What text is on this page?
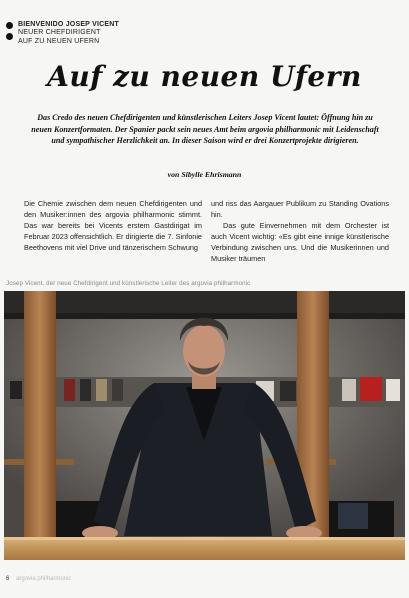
BIENVENIDO JOSEP VICENT
NEUER CHEFDIRIGENT
AUF ZU NEUEN UFERN
Auf zu neuen Ufern
Das Credo des neuen Chefdirigenten und künstlerischen Leiters Josep Vicent lautet: Öffnung hin zu neuen Konzertformaten. Der Spanier packt sein neues Amt beim argovia philharmonic mit Leidenschaft und sympathischer Herzlichkeit an. In dieser Saison wird er drei Konzertprojekte dirigieren.
von Sibylle Ehrismann

Die Chemie zwischen dem neuen Chefdirigenten und den Musiker:innen des argovia philharmonic stimmt. Das war bereits bei Vicents erstem Gastdirigat im Februar 2023 offensichtlich. Er dirigierte die 7. Sinfonie Beethovens mit viel Drive und tänzerischem Schwung

und riss das Aargauer Publikum zu Standing Ovations hin.

Das gute Einvernehmen mit dem Orchester ist auch Vicent wichtig: «Es gibt eine innige künstlerische Verbindung zwischen uns. Und die Musikerinnen und Musiker träumen

Josep Vicent, der neue Chefdirigent und künstlerische Leiter des argovia philharmonic
6 argovia philharmonic
